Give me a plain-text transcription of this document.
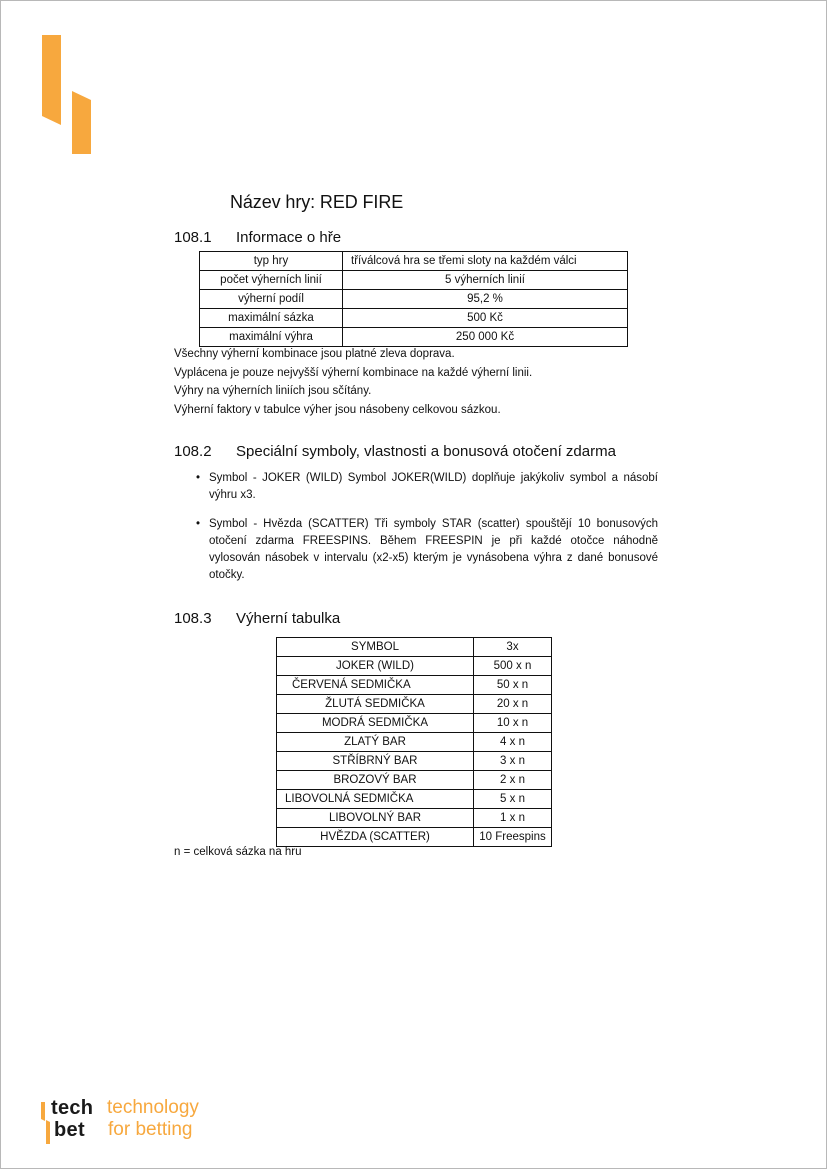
Název hry: RED FIRE
108.1 Informace o hře
typ hry	tříválcová hra se třemi sloty na každém válci
počet výherních linií	5 výherních linií
výherní podíl	95,2 %
maximální sázka	500 Kč
maximální výhra	250 000 Kč
Všechny výherní kombinace jsou platné zleva doprava.
Vyplácena je pouze nejvyšší výherní kombinace na každé výherní linii.
Výhry na výherních liniích jsou sčítány.
Výherní faktory v tabulce výher jsou násobeny celkovou sázkou.
108.2 Speciální symboly, vlastnosti a bonusová otočení zdarma
• Symbol - JOKER (WILD) Symbol JOKER(WILD) doplňuje jakýkoliv symbol a násobí výhru x3.
• Symbol - Hvězda (SCATTER) Tři symboly STAR (scatter) spouštějí 10 bonusových otočení zdarma FREESPINS. Během FREESPIN je při každé otočce náhodně vylosován násobek v intervalu (x2-x5) kterým je vynásobena výhra z dané bonusové otočky.
108.3 Výherní tabulka
SYMBOL	3x
JOKER (WILD)	500 x n
ČERVENÁ SEDMIČKA	50 x n
ŽLUTÁ SEDMIČKA	20 x n
MODRÁ SEDMIČKA	10 x n
ZLATÝ BAR	4 x n
STŘÍBRNÝ BAR	3 x n
BROZOVÝ BAR	2 x n
LIBOVOLNÁ SEDMIČKA	5 x n
LIBOVOLNÝ BAR	1 x n
HVĚZDA (SCATTER)	10 Freespins
n = celková sázka na hru
tech
bet
technology
for betting
